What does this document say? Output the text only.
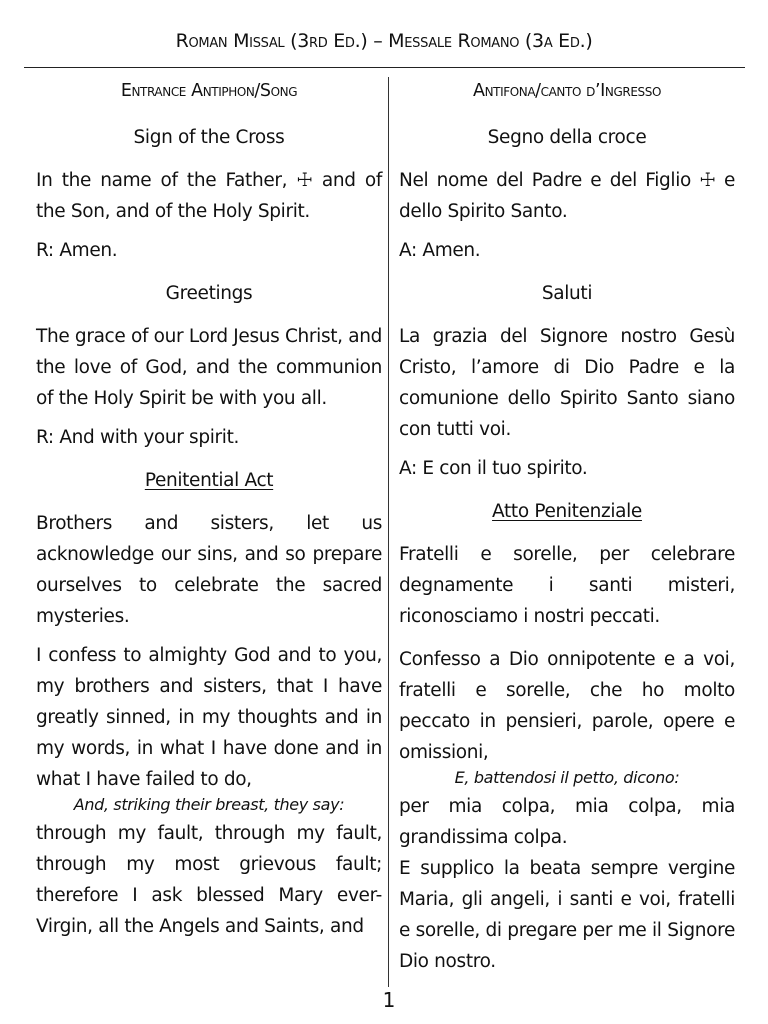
Roman Missal (3rd Ed.) – Messale Romano (3a Ed.)
Entrance Antiphon/Song
Sign of the Cross

In the name of the Father, ☩ and of the Son, and of the Holy Spirit.

R: Amen.

Greetings

The grace of our Lord Jesus Christ, and the love of God, and the communion of the Holy Spirit be with you all.

R: And with your spirit.

Penitential Act

Brothers and sisters, let us acknowledge our sins, and so prepare ourselves to celebrate the sacred mysteries.

I confess to almighty God and to you, my brothers and sisters, that I have greatly sinned, in my thoughts and in my words, in what I have done and in what I have failed to do,

And, striking their breast, they say:

through my fault, through my fault, through my most grievous fault; therefore I ask blessed Mary ever-Virgin, all the Angels and Saints, and

Antifona/canto d’Ingresso
Segno della croce

Nel nome del Padre e del Figlio ☩ e dello Spirito Santo.

A: Amen.

Saluti

La grazia del Signore nostro Gesù Cristo, l’amore di Dio Padre e la comunione dello Spirito Santo siano con tutti voi.

A: E con il tuo spirito.

Atto Penitenziale

Fratelli e sorelle, per celebrare degnamente i santi misteri, riconosciamo i nostri peccati.

Confesso a Dio onnipotente e a voi, fratelli e sorelle, che ho molto peccato in pensieri, parole, opere e omissioni,

E, battendosi il petto, dicono:

per mia colpa, mia colpa, mia grandissima colpa.

E supplico la beata sempre vergine Maria, gli angeli, i santi e voi, fratelli e sorelle, di pregare per me il Signore Dio nostro.

1
